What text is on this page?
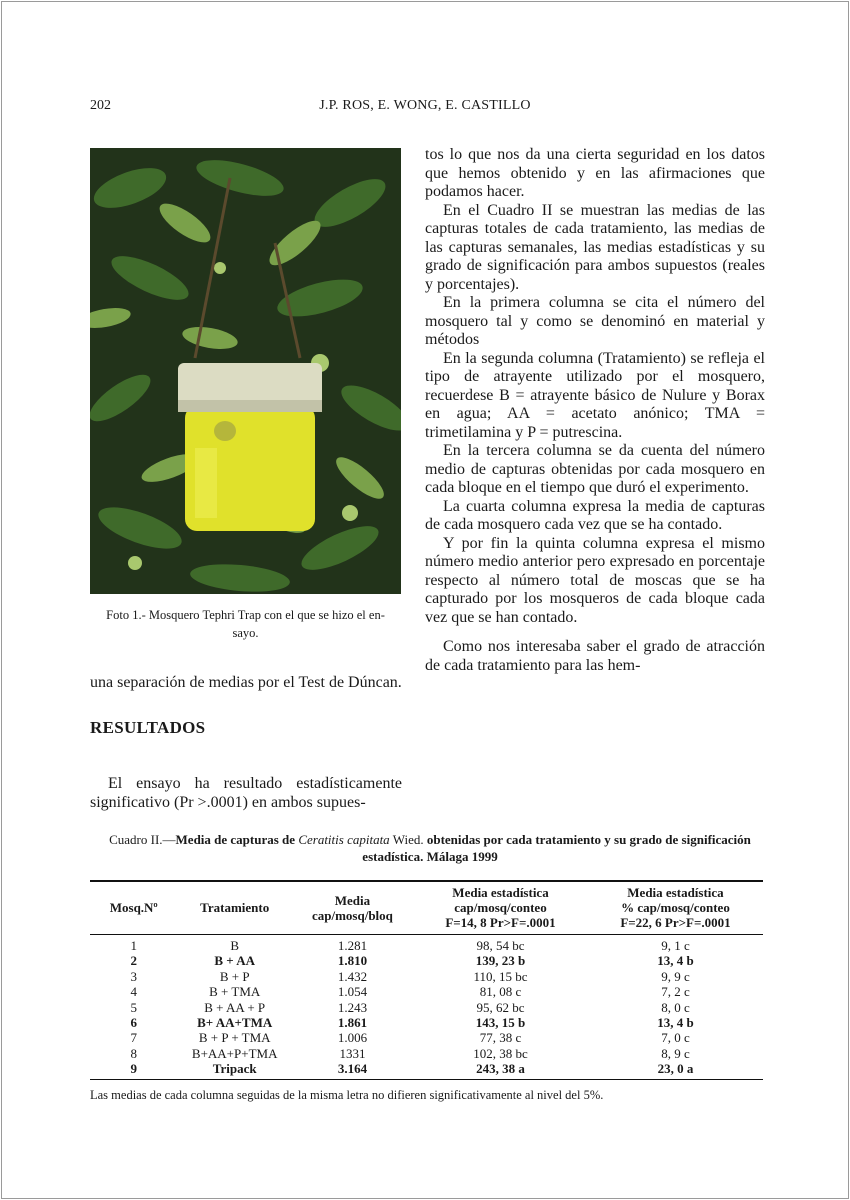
202	J.P. ROS, E. WONG, E. CASTILLO
Foto 1.- Mosquero Tephri Trap con el que se hizo el en-
sayo.

una separación de medias por el Test de Dúncan.

RESULTADOS

El ensayo ha resultado estadísticamente significativo (Pr >.0001) en ambos supues-

tos lo que nos da una cierta seguridad en los datos que hemos obtenido y en las afirmaciones que podamos hacer.

En el Cuadro II se muestran las medias de las capturas totales de cada tratamiento, las medias de las capturas semanales, las medias estadísticas y su grado de significación para ambos supuestos (reales y porcentajes).

En la primera columna se cita el número del mosquero tal y como se denominó en material y métodos

En la segunda columna (Tratamiento) se refleja el tipo de atrayente utilizado por el mosquero, recuerdese B = atrayente básico de Nulure y Borax en agua; AA = acetato anónico; TMA = trimetilamina y P = putrescina.

En la tercera columna se da cuenta del número medio de capturas obtenidas por cada mosquero en cada bloque en el tiempo que duró el experimento.

La cuarta columna expresa la media de capturas de cada mosquero cada vez que se ha contado.

Y por fin la quinta columna expresa el mismo número medio anterior pero expresado en porcentaje respecto al número total de moscas que se ha capturado por los mosqueros de cada bloque cada vez que se han contado.

Como nos interesaba saber el grado de atracción de cada tratamiento para las hem-

Cuadro II.—Media de capturas de Ceratitis capitata Wied. obtenidas por cada tratamiento y su grado de significación estadística. Málaga 1999
Mosq.Nº	Tratamiento	Media
cap/mosq/bloq	Media estadística
cap/mosq/conteo
F=14, 8 Pr>F=.0001	Media estadística
% cap/mosq/conteo
F=22, 6 Pr>F=.0001
1	B	1.281	98, 54 bc	9, 1 c
2	B + AA	1.810	139, 23 b	13, 4 b
3	B + P	1.432	110, 15 bc	9, 9 c
4	B + TMA	1.054	81, 08 c	7, 2 c
5	B + AA + P	1.243	95, 62 bc	8, 0 c
6	B+ AA+TMA	1.861	143, 15 b	13, 4 b
7	B + P + TMA	1.006	77, 38 c	7, 0 c
8	B+AA+P+TMA	1331	102, 38 bc	8, 9 c
9	Tripack	3.164	243, 38 a	23, 0 a
Las medias de cada columna seguidas de la misma letra no difieren significativamente al nivel del 5%.
